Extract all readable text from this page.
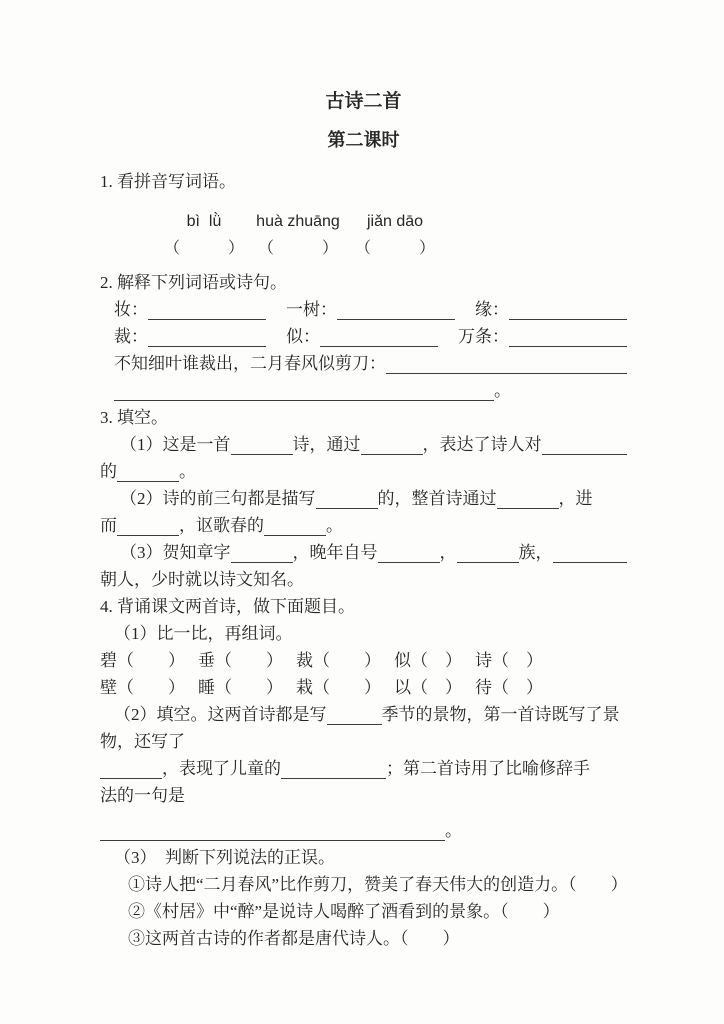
古诗二首
第二课时
1. 看拼音写词语。
bì  lǜ	huà zhuāng	jiǎn dāo
（　　　） （　　　）	（　　　）
2. 解释下列词语或诗句。
妆：	一树：	缘：
裁：	似：	万条：
不知细叶谁裁出，二月春风似剪刀：
。
3. 填空。
（1）这是一首	诗，通过	，表达了诗人对
的	。
（2）诗的前三句都是描写	的，整首诗通过	，进
而	，讴歌春的	。
（3）贺知章字	，晚年自号	，	族，
朝人，少时就以诗文知名。
4. 背诵课文两首诗，做下面题目。
（1）比一比，再组词。
碧（　　） 垂（　　） 裁（　　） 似（　） 诗（　）
壁（　　） 睡（　　） 栽（　　） 以（　） 待（　）
（2）填空。这两首诗都是写	季节的景物，第一首诗既写了景
物，还写了
，表现了儿童的	；第二首诗用了比喻修辞手
法的一句是
。
（3）　判断下列说法的正误。
①诗人把“二月春风”比作剪刀，赞美了春天伟大的创造力。（　　）
②《村居》中“醉”是说诗人喝醉了酒看到的景象。（　　）
③这两首古诗的作者都是唐代诗人。（　　）
